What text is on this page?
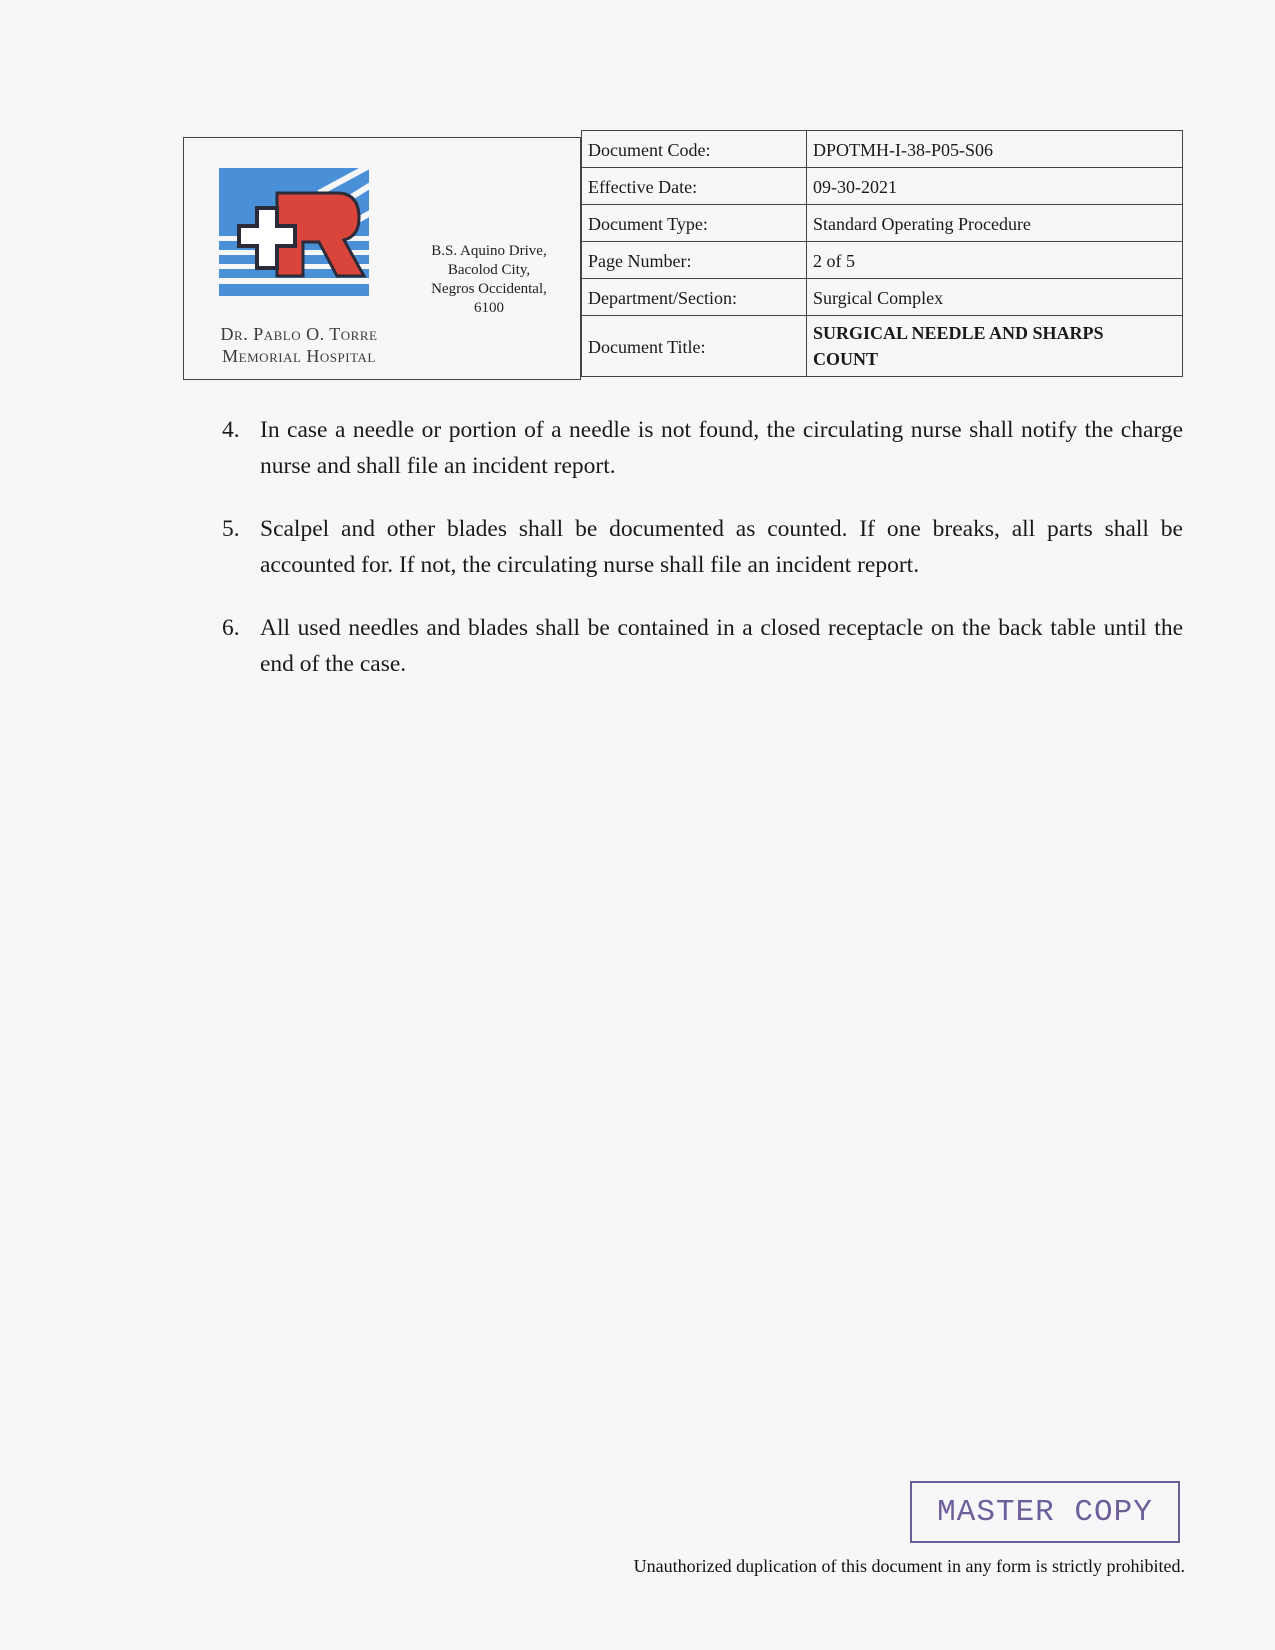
Dr. Pablo O. Torre
Memorial Hospital
B.S. Aquino Drive,
Bacolod City,
Negros Occidental,
6100
Document Code:	DPOTMH-I-38-P05-S06
Effective Date:	09-30-2021
Document Type:	Standard Operating Procedure
Page Number:	2 of 5
Department/Section:	Surgical Complex
Document Title:	SURGICAL NEEDLE AND SHARPS
COUNT
4. In case a needle or portion of a needle is not found, the circulating nurse shall notify the charge nurse and shall file an incident report.
5. Scalpel and other blades shall be documented as counted. If one breaks, all parts shall be accounted for. If not, the circulating nurse shall file an incident report.
6. All used needles and blades shall be contained in a closed receptacle on the back table until the end of the case.
MASTER COPY
Unauthorized duplication of this document in any form is strictly prohibited.
